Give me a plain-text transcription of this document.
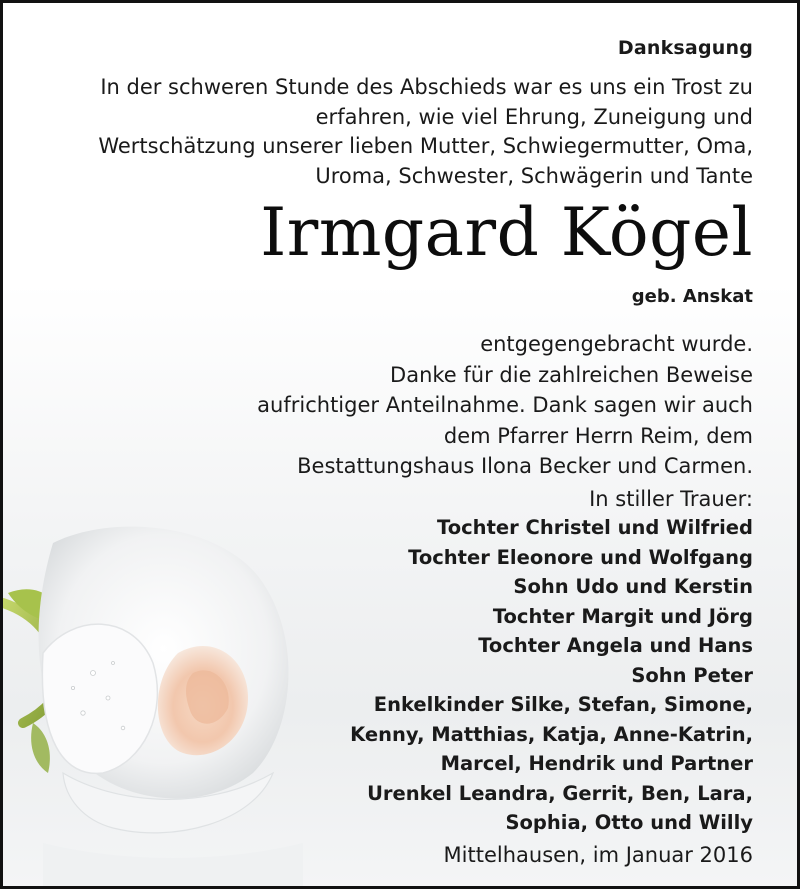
Danksagung
In der schweren Stunde des Abschieds war es uns ein Trost zu
erfahren, wie viel Ehrung, Zuneigung und
Wertschätzung unserer lieben Mutter, Schwiegermutter, Oma,
Uroma, Schwester, Schwägerin und Tante
Irmgard Kögel
geb. Anskat
entgegengebracht wurde.
Danke für die zahlreichen Beweise
aufrichtiger Anteilnahme. Dank sagen wir auch
dem Pfarrer Herrn Reim, dem
Bestattungshaus Ilona Becker und Carmen.
In stiller Trauer:
Tochter Christel und Wilfried
Tochter Eleonore und Wolfgang
Sohn Udo und Kerstin
Tochter Margit und Jörg
Tochter Angela und Hans
Sohn Peter
Enkelkinder Silke, Stefan, Simone,
Kenny, Matthias, Katja, Anne-Katrin,
Marcel, Hendrik und Partner
Urenkel Leandra, Gerrit, Ben, Lara,
Sophia, Otto und Willy
Mittelhausen, im Januar 2016
